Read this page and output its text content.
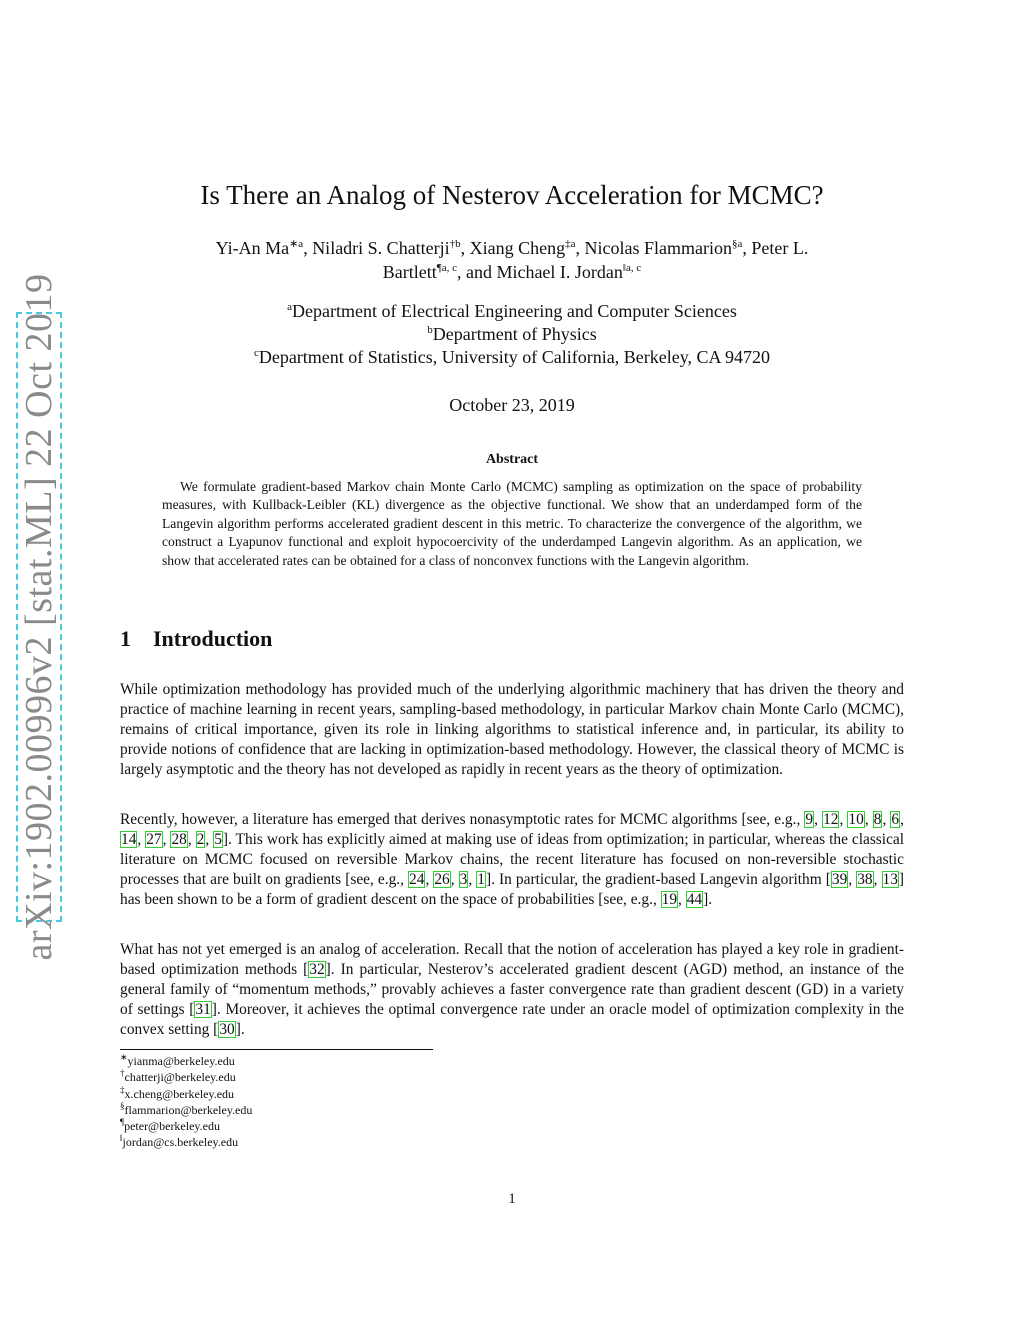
arXiv:1902.00996v2 [stat.ML] 22 Oct 2019
Is There an Analog of Nesterov Acceleration for MCMC?
Yi-An $Ma^{∗a}$, Niladri S. Chatterji$^{\dagger b}$, Xiang Cheng$^{\ddagger a}$, Nicolas Flammarion$^{\S a}$, Peter L.
Bartlett$^{\P a, c}$, and Michael I. Jordan$^{‖a, c}$
$^a$Department of Electrical Engineering and Computer Sciences
$^b$Department of Physics
$^c$Department of Statistics, University of California, Berkeley, CA 94720
October 23, 2019
Abstract

We formulate gradient-based Markov chain Monte Carlo (MCMC) sampling as optimization on the space of probability measures, with Kullback-Leibler (KL) divergence as the objective functional. We show that an underdamped form of the Langevin algorithm performs accelerated gradient descent in this metric. To characterize the convergence of the algorithm, we construct a Lyapunov functional and exploit hypocoercivity of the underdamped Langevin algorithm. As an application, we show that accelerated rates can be obtained for a class of nonconvex functions with the Langevin algorithm.

1 Introduction

While optimization methodology has provided much of the underlying algorithmic machinery that has driven the theory and practice of machine learning in recent years, sampling-based methodology, in particular Markov chain Monte Carlo (MCMC), remains of critical importance, given its role in linking algorithms to statistical inference and, in particular, its ability to provide notions of confidence that are lacking in optimization-based methodology. However, the classical theory of MCMC is largely asymptotic and the theory has not developed as rapidly in recent years as the theory of optimization.

Recently, however, a literature has emerged that derives nonasymptotic rates for MCMC algorithms [see, e.g., 9, 12, 10, 8, 6, 14, 27, 28, 2, 5]. This work has explicitly aimed at making use of ideas from optimization; in particular, whereas the classical literature on MCMC focused on reversible Markov chains, the recent literature has focused on non-reversible stochastic processes that are built on gradients [see, e.g., 24, 26, 3, 1]. In particular, the gradient-based Langevin algorithm [39, 38, 13] has been shown to be a form of gradient descent on the space of probabilities [see, e.g., 19, 44].

What has not yet emerged is an analog of acceleration. Recall that the notion of acceleration has played a key role in gradient-based optimization methods [32]. In particular, Nesterov’s accelerated gradient descent (AGD) method, an instance of the general family of “momentum methods,” provably achieves a faster convergence rate than gradient descent (GD) in a variety of settings [31]. Moreover, it achieves the optimal convergence rate under an oracle model of optimization complexity in the convex setting [30].

∗yianma@berkeley.edu
†chatterji@berkeley.edu
‡x.cheng@berkeley.edu
§flammarion@berkeley.edu
¶peter@berkeley.edu
‖jordan@cs.berkeley.edu
1
